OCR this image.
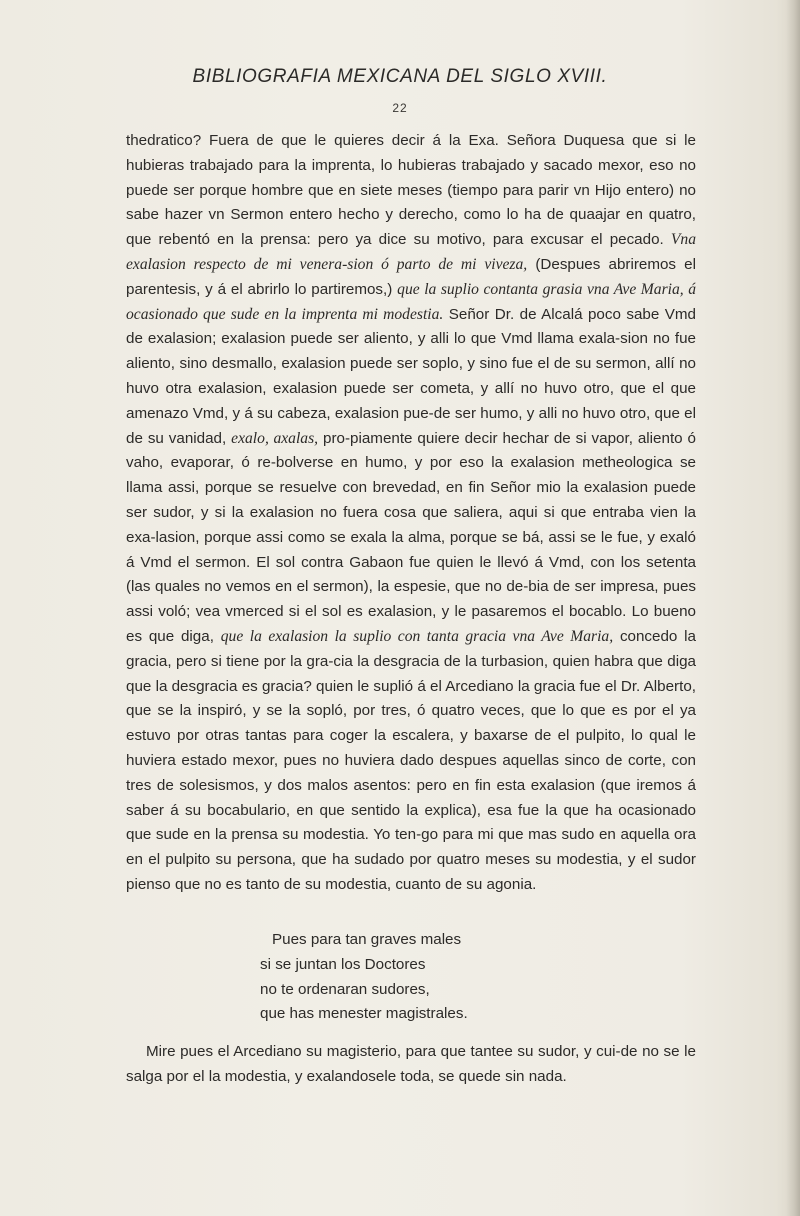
BIBLIOGRAFIA MEXICANA DEL SIGLO XVIII.
22

thedratico? Fuera de que le quieres decir á la Exa. Señora Duquesa que si le hubieras trabajado para la imprenta, lo hubieras trabajado y sacado mexor, eso no puede ser porque hombre que en siete meses (tiempo para parir vn Hijo entero) no sabe hazer vn Sermon entero hecho y derecho, como lo ha de quaajar en quatro, que rebentó en la prensa: pero ya dice su motivo, para excusar el pecado. Vna exalasion respecto de mi venera-sion ó parto de mi viveza, (Despues abriremos el parentesis, y á el abrirlo lo partiremos,) que la suplio contanta grasia vna Ave Maria, á ocasionado que sude en la imprenta mi modestia. Señor Dr. de Alcalá poco sabe Vmd de exalasion; exalasion puede ser aliento, y alli lo que Vmd llama exala-sion no fue aliento, sino desmallo, exalasion puede ser soplo, y sino fue el de su sermon, allí no huvo otra exalasion, exalasion puede ser cometa, y allí no huvo otro, que el que amenazo Vmd, y á su cabeza, exalasion pue-de ser humo, y alli no huvo otro, que el de su vanidad, exalo, axalas, pro-piamente quiere decir hechar de si vapor, aliento ó vaho, evaporar, ó re-bolverse en humo, y por eso la exalasion metheologica se llama assi, porque se resuelve con brevedad, en fin Señor mio la exalasion puede ser sudor, y si la exalasion no fuera cosa que saliera, aqui si que entraba vien la exa-lasion, porque assi como se exala la alma, porque se bá, assi se le fue, y exaló á Vmd el sermon. El sol contra Gabaon fue quien le llevó á Vmd, con los setenta (las quales no vemos en el sermon), la espesie, que no de-bia de ser impresa, pues assi voló; vea vmerced si el sol es exalasion, y le pasaremos el bocablo. Lo bueno es que diga, que la exalasion la suplio con tanta gracia vna Ave Maria, concedo la gracia, pero si tiene por la gra-cia la desgracia de la turbasion, quien habra que diga que la desgracia es gracia? quien le suplió á el Arcediano la gracia fue el Dr. Alberto, que se la inspiró, y se la sopló, por tres, ó quatro veces, que lo que es por el ya estuvo por otras tantas para coger la escalera, y baxarse de el pulpito, lo qual le huviera estado mexor, pues no huviera dado despues aquellas sinco de corte, con tres de solesismos, y dos malos asentos: pero en fin esta exalasion (que iremos á saber á su bocabulario, en que sentido la explica), esa fue la que ha ocasionado que sude en la prensa su modestia. Yo ten-go para mi que mas sudo en aquella ora en el pulpito su persona, que ha sudado por quatro meses su modestia, y el sudor pienso que no es tanto de su modestia, cuanto de su agonia.

Pues para tan graves males
si se juntan los Doctores
no te ordenaran sudores,
que has menester magistrales.

Mire pues el Arcediano su magisterio, para que tantee su sudor, y cui-de no se le salga por el la modestia, y exalandosele toda, se quede sin nada.
